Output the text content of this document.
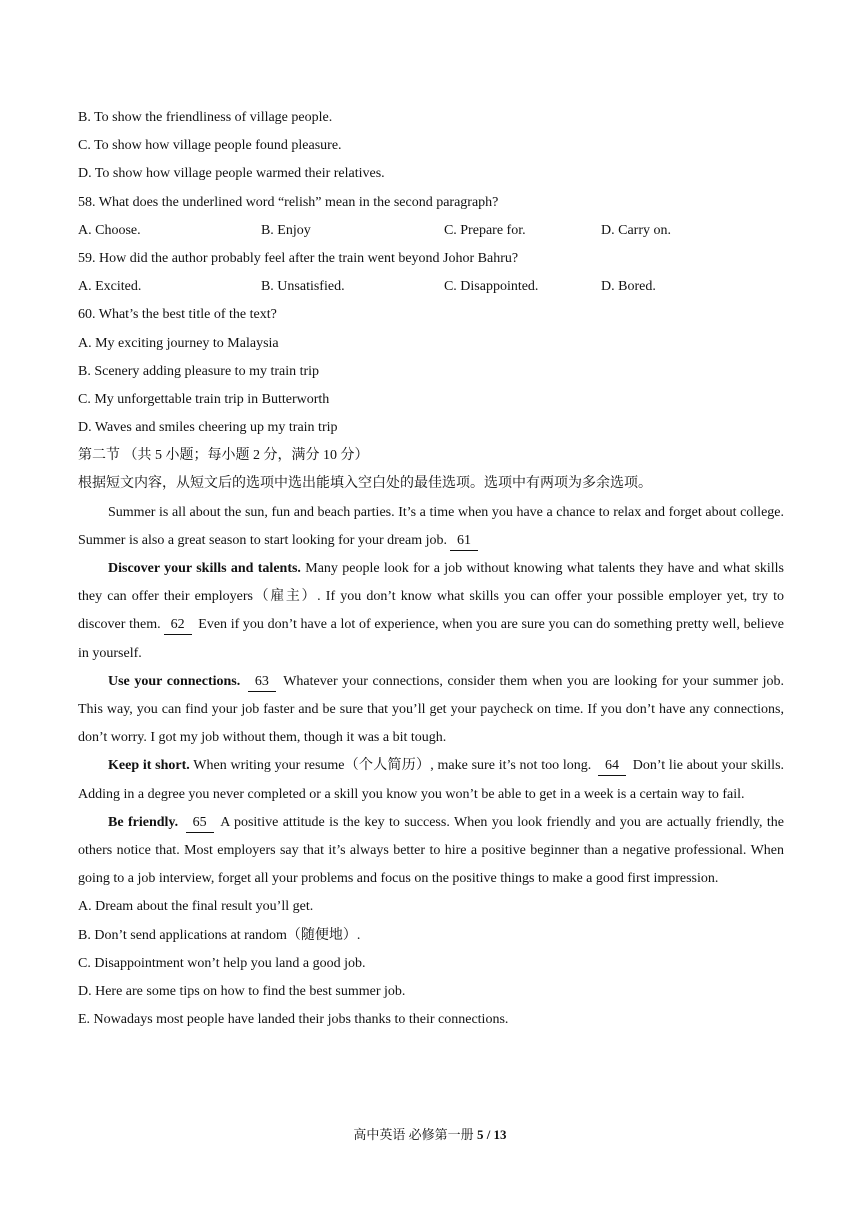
B. To show the friendliness of village people.
C. To show how village people found pleasure.
D. To show how village people warmed their relatives.
58. What does the underlined word “relish” mean in the second paragraph?
A. Choose.	B. Enjoy	C. Prepare for.	D. Carry on.
59. How did the author probably feel after the train went beyond Johor Bahru?
A. Excited.	B. Unsatisfied.	C. Disappointed.	D. Bored.
60. What’s the best title of the text?
A. My exciting journey to Malaysia
B. Scenery adding pleasure to my train trip
C. My unforgettable train trip in Butterworth
D. Waves and smiles cheering up my train trip
第二节 （共 5 小题；每小题 2 分，满分 10 分）
根据短文内容，从短文后的选项中选出能填入空白处的最佳选项。选项中有两项为多余选项。
Summer is all about the sun, fun and beach parties. It’s a time when you have a chance to relax and forget about college. Summer is also a great season to start looking for your dream job. 61
Discover your skills and talents. Many people look for a job without knowing what talents they have and what skills they can offer their employers（雇主）. If you don’t know what skills you can offer your possible employer yet, try to discover them. 62 Even if you don’t have a lot of experience, when you are sure you can do something pretty well, believe in yourself.
Use your connections. 63 Whatever your connections, consider them when you are looking for your summer job. This way, you can find your job faster and be sure that you’ll get your paycheck on time. If you don’t have any connections, don’t worry. I got my job without them, though it was a bit tough.
Keep it short. When writing your resume（个人简历）, make sure it’s not too long. 64 Don’t lie about your skills. Adding in a degree you never completed or a skill you know you won’t be able to get in a week is a certain way to fail.
Be friendly. 65 A positive attitude is the key to success. When you look friendly and you are actually friendly, the others notice that. Most employers say that it’s always better to hire a positive beginner than a negative professional. When going to a job interview, forget all your problems and focus on the positive things to make a good first impression.
A. Dream about the final result you’ll get.
B. Don’t send applications at random（随便地）.
C. Disappointment won’t help you land a good job.
D. Here are some tips on how to find the best summer job.
E. Nowadays most people have landed their jobs thanks to their connections.
高中英语 必修第一册 5 / 13
